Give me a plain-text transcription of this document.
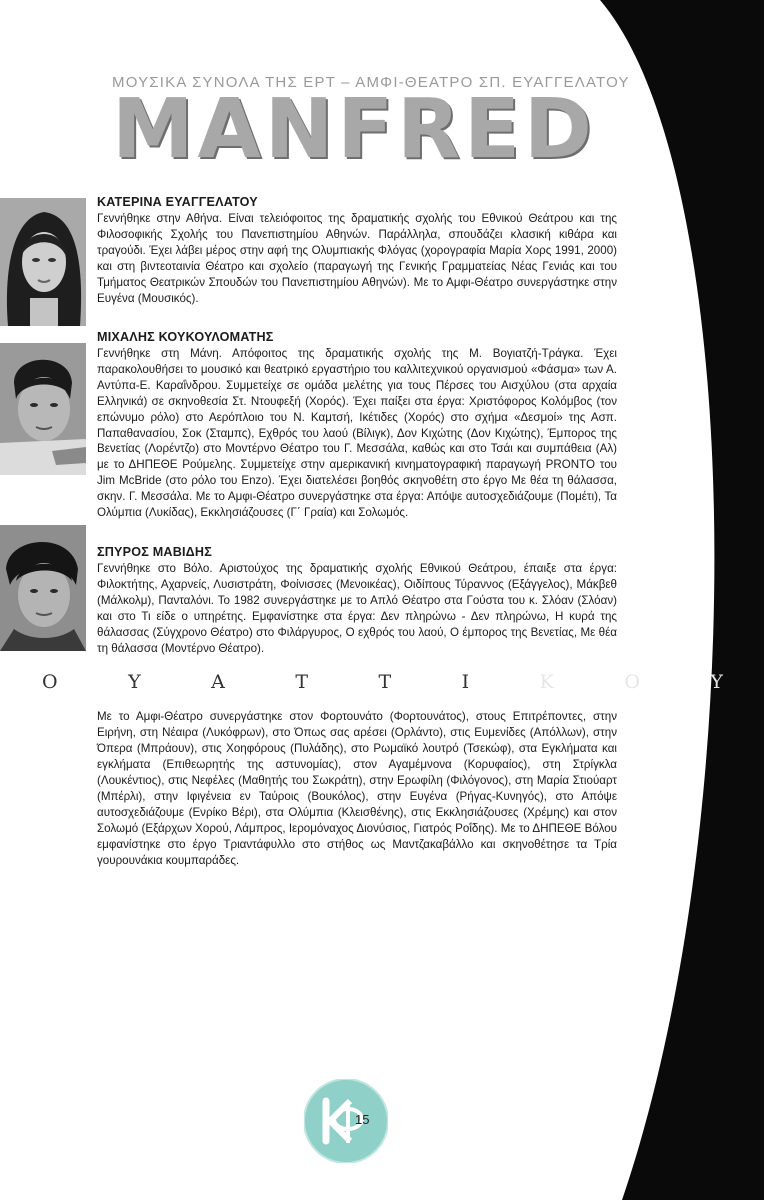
ΜΟΥΣΙΚΑ ΣΥΝΟΛΑ ΤΗΣ ΕΡΤ – ΑΜΦΙ-ΘΕΑΤΡΟ ΣΠ. ΕΥΑΓΓΕΛΑΤΟΥ
M A N F R E D
ΚΑΤΕΡΙΝΑ ΕΥΑΓΓΕΛΑΤΟΥ

Γεννήθηκε στην Αθήνα. Είναι τελειόφοιτος της δραματικής σχολής του Εθνικού Θεάτρου και της Φιλοσοφικής Σχολής του Πανεπιστημίου Αθηνών. Παράλληλα, σπουδάζει κλασική κιθάρα και τραγούδι. Έχει λάβει μέρος στην αφή της Ολυμπιακής Φλόγας (χορογραφία Μαρία Χορς 1991, 2000) και στη βιντεοταινία Θέατρο και σχολείο (παραγωγή της Γενικής Γραμματείας Νέας Γενιάς και του Τμήματος Θεατρικών Σπουδών του Πανεπιστημίου Αθηνών). Με το Αμφι-Θέατρο συνεργάστηκε στην Ευγένα (Μουσικός).

ΜΙΧΑΛΗΣ ΚΟΥΚΟΥΛΟΜΑΤΗΣ

Γεννήθηκε στη Μάνη. Απόφοιτος της δραματικής σχολής της Μ. Βογιατζή-Τράγκα. Έχει παρακολουθήσει το μουσικό και θεατρικό εργαστήριο του καλλιτεχνικού οργανισμού «Φάσμα» των Α. Αντύπα-Ε. Καραΐνδρου. Συμμετείχε σε ομάδα μελέτης για τους Πέρσες του Αισχύλου (στα αρχαία Ελληνικά) σε σκηνοθεσία Στ. Ντουφεξή (Χορός). Έχει παίξει στα έργα: Χριστόφορος Κολόμβος (τον επώνυμο ρόλο) στο Αερόπλοιο του Ν. Καμτσή, Ικέτιδες (Χορός) στο σχήμα «Δεσμοί» της Ασπ. Παπαθανασίου, Σοκ (Σταμπς), Εχθρός του λαού (Βίλιγκ), Δον Κιχώτης (Δον Κιχώτης), Έμπορος της Βενετίας (Λορέντζο) στο Μοντέρνο Θέατρο του Γ. Μεσσάλα, καθώς και στο Τσάι και συμπάθεια (Αλ) με το ΔΗΠΕΘΕ Ρούμελης. Συμμετείχε στην αμερικανική κινηματογραφική παραγωγή PRONTO του Jim McBride (στο ρόλο του Enzo). Έχει διατελέσει βοηθός σκηνοθέτη στο έργο Με θέα τη θάλασσα, σκην. Γ. Μεσσάλα. Με το Αμφι-Θέατρο συνεργάστηκε στα έργα: Απόψε αυτοσχεδιάζουμε (Πομέτι), Τα Ολύμπια (Λυκίδας), Εκκλησιάζουσες (Γ΄ Γραία) και Σολωμός.

ΣΠΥΡΟΣ ΜΑΒΙΔΗΣ

Γεννήθηκε στο Βόλο. Αριστούχος της δραματικής σχολής Εθνικού Θεάτρου, έπαιξε στα έργα: Φιλοκτήτης, Αχαρνείς, Λυσιστράτη, Φοίνισσες (Μενοικέας), Οιδίπους Τύραννος (Εξάγγελος), Μάκβεθ (Μάλκολμ), Πανταλόνι. Το 1982 συνεργάστηκε με το Απλό Θέατρο στα Γούστα του κ. Σλόαν (Σλόαν) και στο Τι είδε ο υπηρέτης. Εμφανίστηκε στα έργα: Δεν πληρώνω - Δεν πληρώνω, Η κυρά της θάλασσας (Σύγχρονο Θέατρο) στο Φιλάργυρος, Ο εχθρός του λαού, Ο έμπορος της Βενετίας, Με θέα τη θάλασσα (Μοντέρνο Θέατρο).

Ο	Υ	Α	Τ	Τ	Ι	Κ	Ο	Υ

Με το Αμφι-Θέατρο συνεργάστηκε στον Φορτουνάτο (Φορτουνάτος), στους Επιτρέποντες, στην Ειρήνη, στη Νέαιρα (Λυκόφρων), στο Όπως σας αρέσει (Ορλάντο), στις Ευμενίδες (Απόλλων), στην Όπερα (Μπράουν), στις Χοηφόρους (Πυλάδης), στο Ρωμαϊκό λουτρό (Τσεκώφ), στα Εγκλήματα και εγκλήματα (Επιθεωρητής της αστυνομίας), στον Αγαμέμνονα (Κορυφαίος), στη Στρίγκλα (Λουκέντιος), στις Νεφέλες (Μαθητής του Σωκράτη), στην Ερωφίλη (Φιλόγονος), στη Μαρία Στιούαρτ (Μπέρλι), στην Ιφιγένεια εν Ταύροις (Βουκόλος), στην Ευγένα (Ρήγας-Κυνηγός), στο Απόψε αυτοσχεδιάζουμε (Ενρίκο Βέρι), στα Ολύμπια (Κλεισθένης), στις Εκκλησιάζουσες (Χρέμης) και στον Σολωμό (Εξάρχων Χορού, Λάμπρος, Ιερομόναχος Διονύσιος, Γιατρός Ροΐδης). Με το ΔΗΠΕΘΕ Βόλου εμφανίστηκε στο έργο Τριαντάφυλλο στο στήθος ως Μαντζακαβάλλο και σκηνοθέτησε τα Τρία γουρουνάκια κουμπαράδες.

15
